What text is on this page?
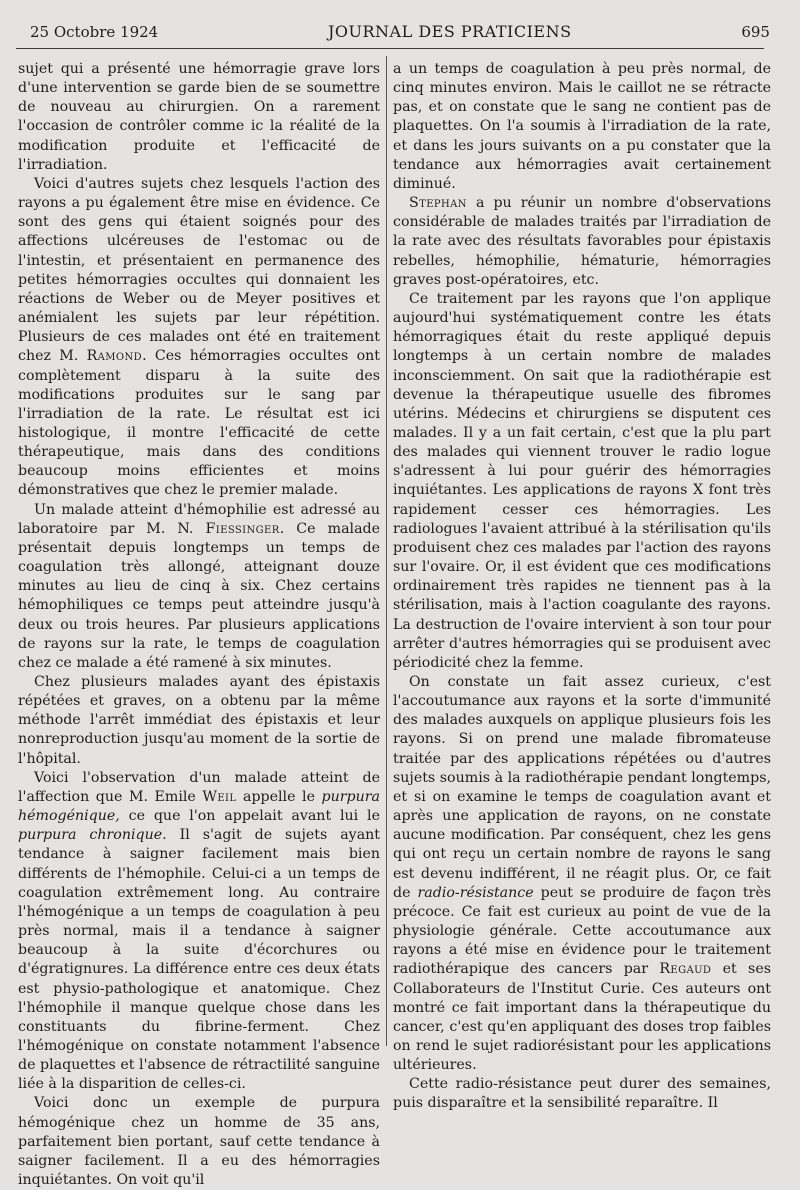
25 Octobre 1924	JOURNAL DES PRATICIENS	695

sujet qui a présenté une hémorragie grave lors d'une intervention se garde bien de se soumettre de nouveau au chirurgien. On a rarement l'occasion de contrôler comme ic la réalité de la modification produite et l'efficacité de l'irradiation.

Voici d'autres sujets chez lesquels l'action des rayons a pu également être mise en évidence. Ce sont des gens qui étaient soignés pour des affections ulcéreuses de l'estomac ou de l'intestin, et présentaient en permanence des petites hémorragies occultes qui donnaient les réactions de Weber ou de Meyer positives et anémialent les sujets par leur répétition. Plusieurs de ces malades ont été en traitement chez M. Ramond. Ces hémorragies occultes ont complètement disparu à la suite des modifications produites sur le sang par l'irradiation de la rate. Le résultat est ici histologique, il montre l'efficacité de cette thérapeutique, mais dans des conditions beaucoup moins efficientes et moins démonstratives que chez le premier malade.

Un malade atteint d'hémophilie est adressé au laboratoire par M. N. Fiessinger. Ce malade présentait depuis longtemps un temps de coagulation très allongé, atteignant douze minutes au lieu de cinq à six. Chez certains hémophiliques ce temps peut atteindre jusqu'à deux ou trois heures. Par plusieurs applications de rayons sur la rate, le temps de coagulation chez ce malade a été ramené à six minutes.

Chez plusieurs malades ayant des épistaxis répétées et graves, on a obtenu par la même méthode l'arrêt immédiat des épistaxis et leur nonreproduction jusqu'au moment de la sortie de l'hôpital.

Voici l'observation d'un malade atteint de l'affection que M. Emile Weil appelle le purpura hémogénique, ce que l'on appelait avant lui le purpura chronique. Il s'agit de sujets ayant tendance à saigner facilement mais bien différents de l'hémophile. Celui-ci a un temps de coagulation extrêmement long. Au contraire l'hémogénique a un temps de coagulation à peu près normal, mais il a tendance à saigner beaucoup à la suite d'écorchures ou d'égratignures. La différence entre ces deux états est physio-pathologique et anatomique. Chez l'hémophile il manque quelque chose dans les constituants du fibrine-ferment. Chez l'hémogénique on constate notamment l'absence de plaquettes et l'absence de rétractilité sanguine liée à la disparition de celles-ci.

Voici donc un exemple de purpura hémogénique chez un homme de 35 ans, parfaitement bien portant, sauf cette tendance à saigner facilement. Il a eu des hémorragies inquiétantes. On voit qu'il

a un temps de coagulation à peu près normal, de cinq minutes environ. Mais le caillot ne se rétracte pas, et on constate que le sang ne contient pas de plaquettes. On l'a soumis à l'irradiation de la rate, et dans les jours suivants on a pu constater que la tendance aux hémorragies avait certainement diminué.

Stephan a pu réunir un nombre d'observations considérable de malades traités par l'irradiation de la rate avec des résultats favorables pour épistaxis rebelles, hémophilie, hématurie, hémorragies graves post-opératoires, etc.

Ce traitement par les rayons que l'on applique aujourd'hui systématiquement contre les états hémorragiques était du reste appliqué depuis longtemps à un certain nombre de malades inconsciemment. On sait que la radiothérapie est devenue la thérapeutique usuelle des fibromes utérins. Médecins et chirurgiens se disputent ces malades. Il y a un fait certain, c'est que la plu part des malades qui viennent trouver le radio logue s'adressent à lui pour guérir des hémorragies inquiétantes. Les applications de rayons X font très rapidement cesser ces hémorragies. Les radiologues l'avaient attribué à la stérilisation qu'ils produisent chez ces malades par l'action des rayons sur l'ovaire. Or, il est évident que ces modifications ordinairement très rapides ne tiennent pas à la stérilisation, mais à l'action coagulante des rayons. La destruction de l'ovaire intervient à son tour pour arrêter d'autres hémorragies qui se produisent avec périodicité chez la femme.

On constate un fait assez curieux, c'est l'accoutumance aux rayons et la sorte d'immunité des malades auxquels on applique plusieurs fois les rayons. Si on prend une malade fibromateuse traitée par des applications répétées ou d'autres sujets soumis à la radiothérapie pendant longtemps, et si on examine le temps de coagulation avant et après une application de rayons, on ne constate aucune modification. Par conséquent, chez les gens qui ont reçu un certain nombre de rayons le sang est devenu indifférent, il ne réagit plus. Or, ce fait de radio-résistance peut se produire de façon très précoce. Ce fait est curieux au point de vue de la physiologie générale. Cette accoutumance aux rayons a été mise en évidence pour le traitement radiothérapique des cancers par Regaud et ses Collaborateurs de l'Institut Curie. Ces auteurs ont montré ce fait important dans la thérapeutique du cancer, c'est qu'en appliquant des doses trop faibles on rend le sujet radiorésistant pour les applications ultérieures.

Cette radio-résistance peut durer des semaines, puis disparaître et la sensibilité reparaître. Il
